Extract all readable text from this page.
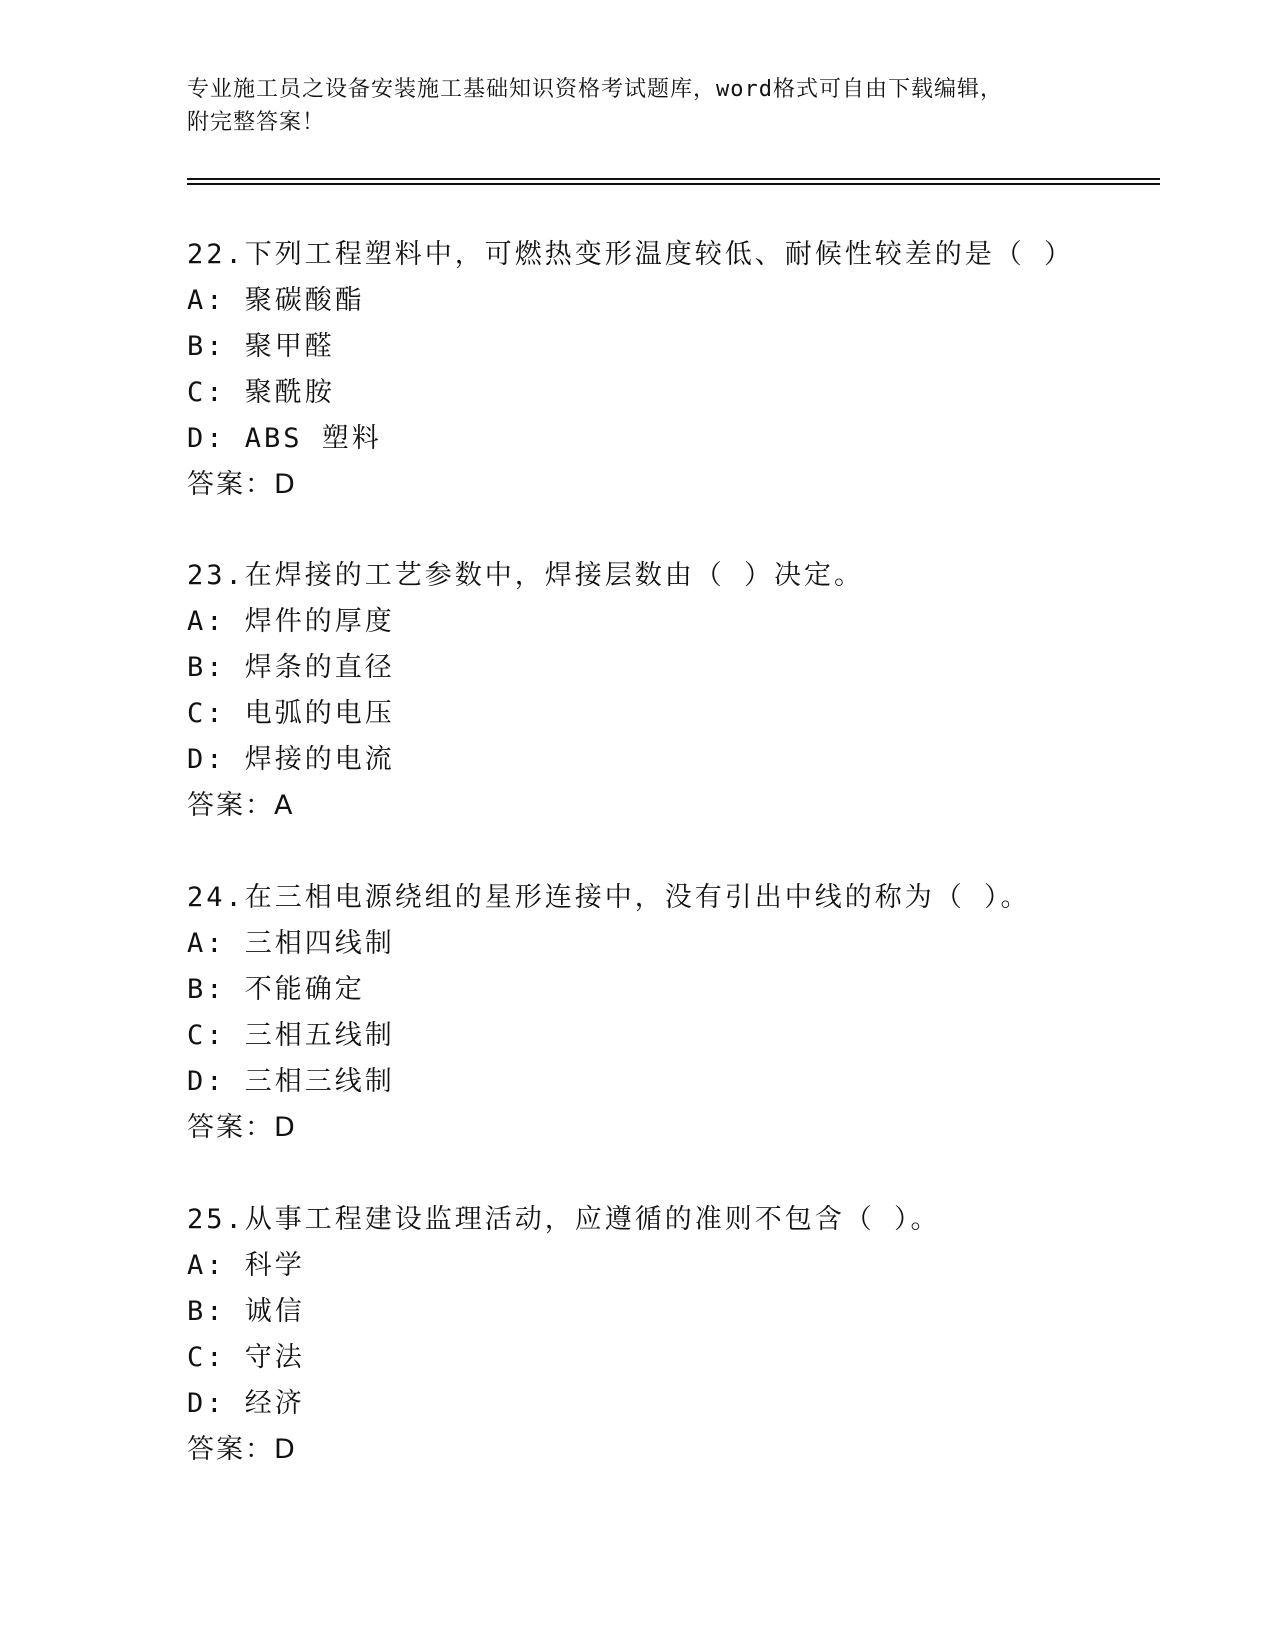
专业施工员之设备安装施工基础知识资格考试题库，word格式可自由下载编辑，
附完整答案！
22.下列工程塑料中，可燃热变形温度较低、耐候性较差的是（ ）
A: 聚碳酸酯
B: 聚甲醛
C: 聚酰胺
D: ABS 塑料
答案：D
23.在焊接的工艺参数中，焊接层数由（ ）决定。
A: 焊件的厚度
B: 焊条的直径
C: 电弧的电压
D: 焊接的电流
答案：A
24.在三相电源绕组的星形连接中，没有引出中线的称为（ ）。
A: 三相四线制
B: 不能确定
C: 三相五线制
D: 三相三线制
答案：D
25.从事工程建设监理活动，应遵循的准则不包含（ ）。
A: 科学
B: 诚信
C: 守法
D: 经济
答案：D
